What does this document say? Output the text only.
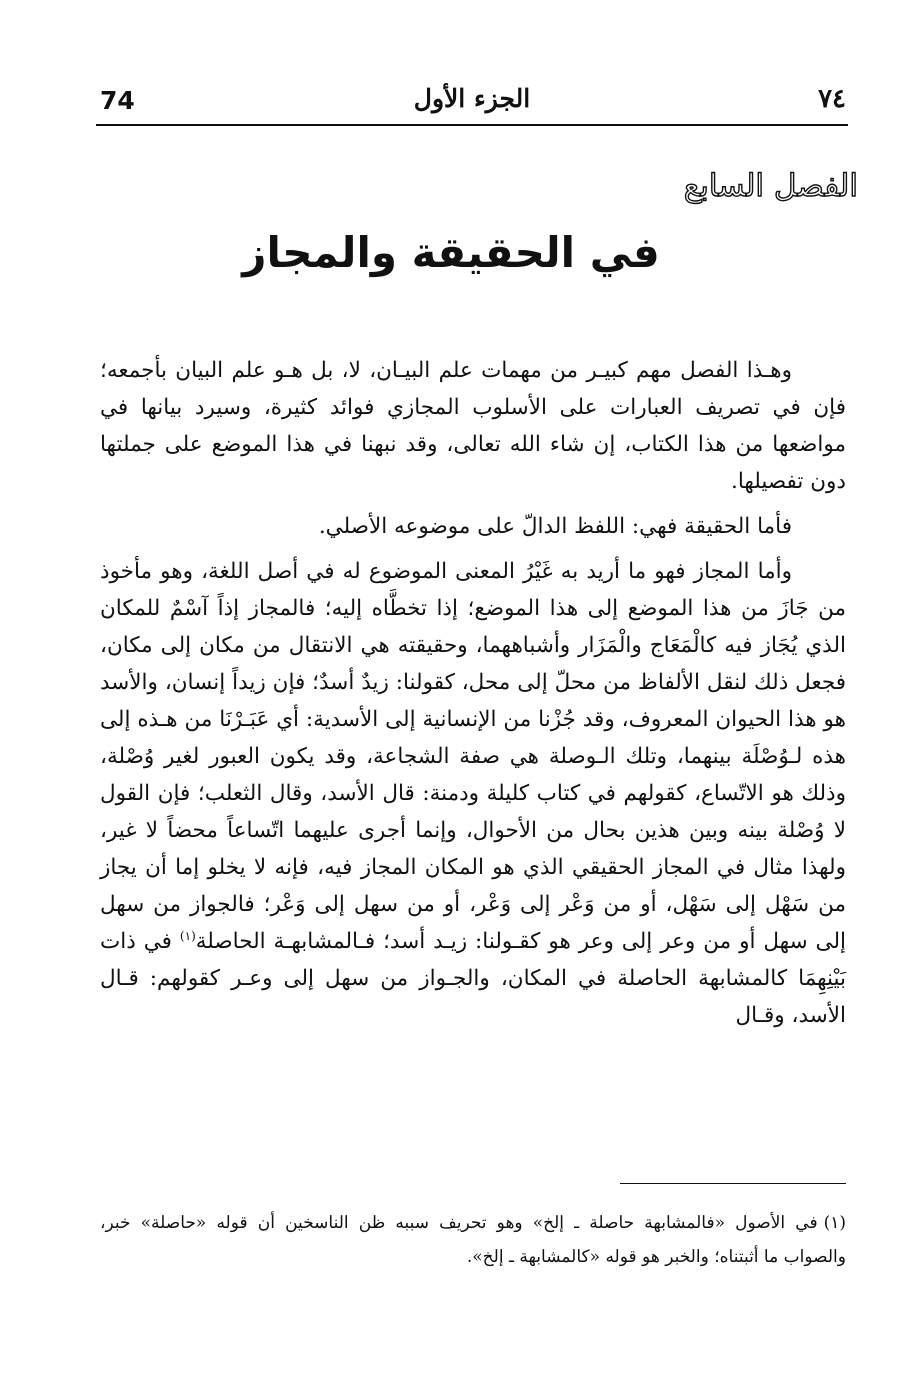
74	الجزء الأول	٧٤
الفصل السابع
في الحقيقة والمجاز

وهـذا الفصل مهم كبيـر من مهمات علم البيـان، لا، بل هـو علم البيان بأجمعه؛ فإن في تصريف العبارات على الأسلوب المجازي فوائد كثيرة، وسيرد بيانها في مواضعها من هذا الكتاب، إن شاء الله تعالى، وقد نبهنا في هذا الموضع على جملتها دون تفصيلها.

فأما الحقيقة فهي: اللفظ الدالّ على موضوعه الأصلي.

وأما المجاز فهو ما أريد به غَيْرُ المعنى الموضوع له في أصل اللغة، وهو مأخوذ من جَازَ من هذا الموضع إلى هذا الموضع؛ إذا تخطَّاه إليه؛ فالمجاز إذاً آسْمٌ للمكان الذي يُجَاز فيه كالْمَعَاج والْمَزَار وأشباههما، وحقيقته هي الانتقال من مكان إلى مكان، فجعل ذلك لنقل الألفاظ من محلّ إلى محل، كقولنا: زيدٌ أسدٌ؛ فإن زيداً إنسان، والأسد هو هذا الحيوان المعروف، وقد جُزْنا من الإنسانية إلى الأسدية: أي عَبَـرْنَا من هـذه إلى هذه لـوُصْلَة بينهما، وتلك الـوصلة هي صفة الشجاعة، وقد يكون العبور لغير وُصْلة، وذلك هو الاتّساع، كقولهم في كتاب كليلة ودمنة: قال الأسد، وقال الثعلب؛ فإن القول لا وُصْلة بينه وبين هذين بحال من الأحوال، وإنما أجرى عليهما اتّساعاً محضاً لا غير، ولهذا مثال في المجاز الحقيقي الذي هو المكان المجاز فيه، فإنه لا يخلو إما أن يجاز من سَهْل إلى سَهْل، أو من وَعْر إلى وَعْر، أو من سهل إلى وَعْر؛ فالجواز من سهل إلى سهل أو من وعر إلى وعر هو كقـولنا: زيـد أسد؛ فـالمشابهـة الحاصلة$^{(١)}$ في ذات بَيْنِهِمَا كالمشابهة الحاصلة في المكان، والجـواز من سهل إلى وعـر كقولهم: قـال الأسد، وقـال

(١)في الأصول «فالمشابهة حاصلة ـ إلخ» وهو تحريف سببه ظن الناسخين أن قوله «حاصلة» خبر، والصواب ما أثبتناه؛ والخبر هو قوله «كالمشابهة ـ إلخ».
